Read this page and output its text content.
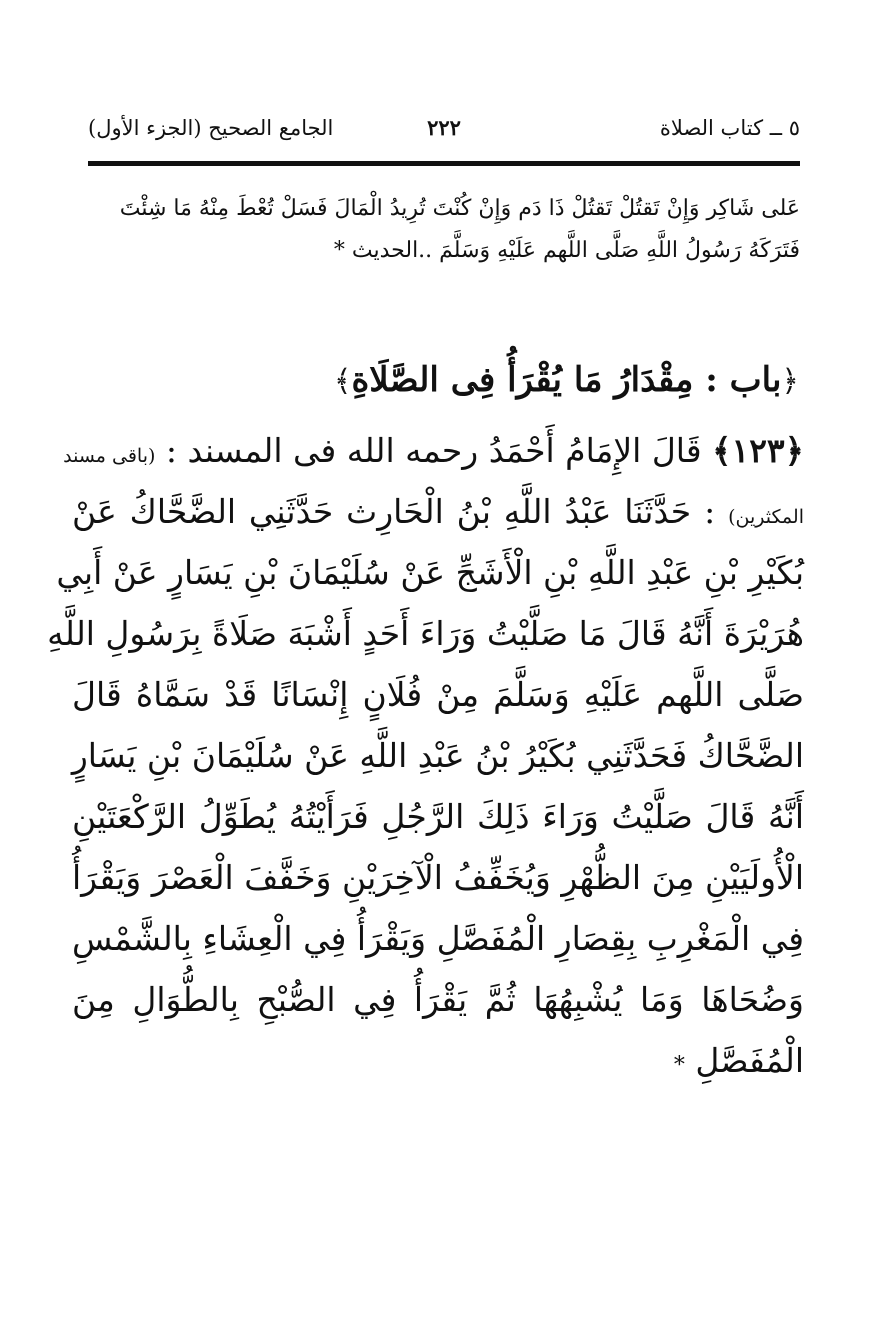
٥ ــ كتاب الصلاة
٢٢٢
الجامع الصحيح (الجزء الأول)
عَلى شَاكِر وَإِنْ تَقتُلْ تَقتُلْ ذَا دَم وَإِنْ كُنْتَ تُرِيدُ الْمَالَ فَسَلْ تُعْطَ مِنْهُ مَا شِئْتَ
فَتَرَكَهُ رَسُولُ اللَّهِ صَلَّى اللَّهم عَلَيْهِ وَسَلَّمَ ..الحديث *
﴿باب : مِقْدَارُ مَا يُقْرَأُ فِى الصَّلَاةِ﴾
﴿١٢٣﴾ قَالَ الإِمَامُ أَحْمَدُ رحمه الله فى المسند : (باقى مسند
المكثرين) : حَدَّثَنَا عَبْدُ اللَّهِ بْنُ الْحَارِث حَدَّثَنِي الضَّحَّاكُ عَنْ
بُكَيْرِ بْنِ عَبْدِ اللَّهِ بْنِ الْأَشَجِّ عَنْ سُلَيْمَانَ بْنِ يَسَارٍ عَنْ أَبِي
هُرَيْرَةَ أَنَّهُ قَالَ مَا صَلَّيْتُ وَرَاءَ أَحَدٍ أَشْبَهَ صَلَاةً بِرَسُولِ اللَّهِ
صَلَّى اللَّهم عَلَيْهِ وَسَلَّمَ مِنْ فُلَانٍ إِنْسَانًا قَدْ سَمَّاهُ قَالَ
الضَّحَّاكُ فَحَدَّثَنِي بُكَيْرُ بْنُ عَبْدِ اللَّهِ عَنْ سُلَيْمَانَ بْنِ يَسَارٍ
أَنَّهُ قَالَ صَلَّيْتُ وَرَاءَ ذَلِكَ الرَّجُلِ فَرَأَيْتُهُ يُطَوِّلُ الرَّكْعَتَيْنِ
الْأُولَيَيْنِ مِنَ الظُّهْرِ وَيُخَفِّفُ الْآخِرَيْنِ وَخَفَّفَ الْعَصْرَ وَيَقْرَأُ
فِي الْمَغْرِبِ بِقِصَارِ الْمُفَصَّلِ وَيَقْرَأُ فِي الْعِشَاءِ بِالشَّمْسِ
وَضُحَاهَا وَمَا يُشْبِهُهَا ثُمَّ يَقْرَأُ فِي الصُّبْحِ بِالطُّوَالِ مِنَ
الْمُفَصَّلِ *
